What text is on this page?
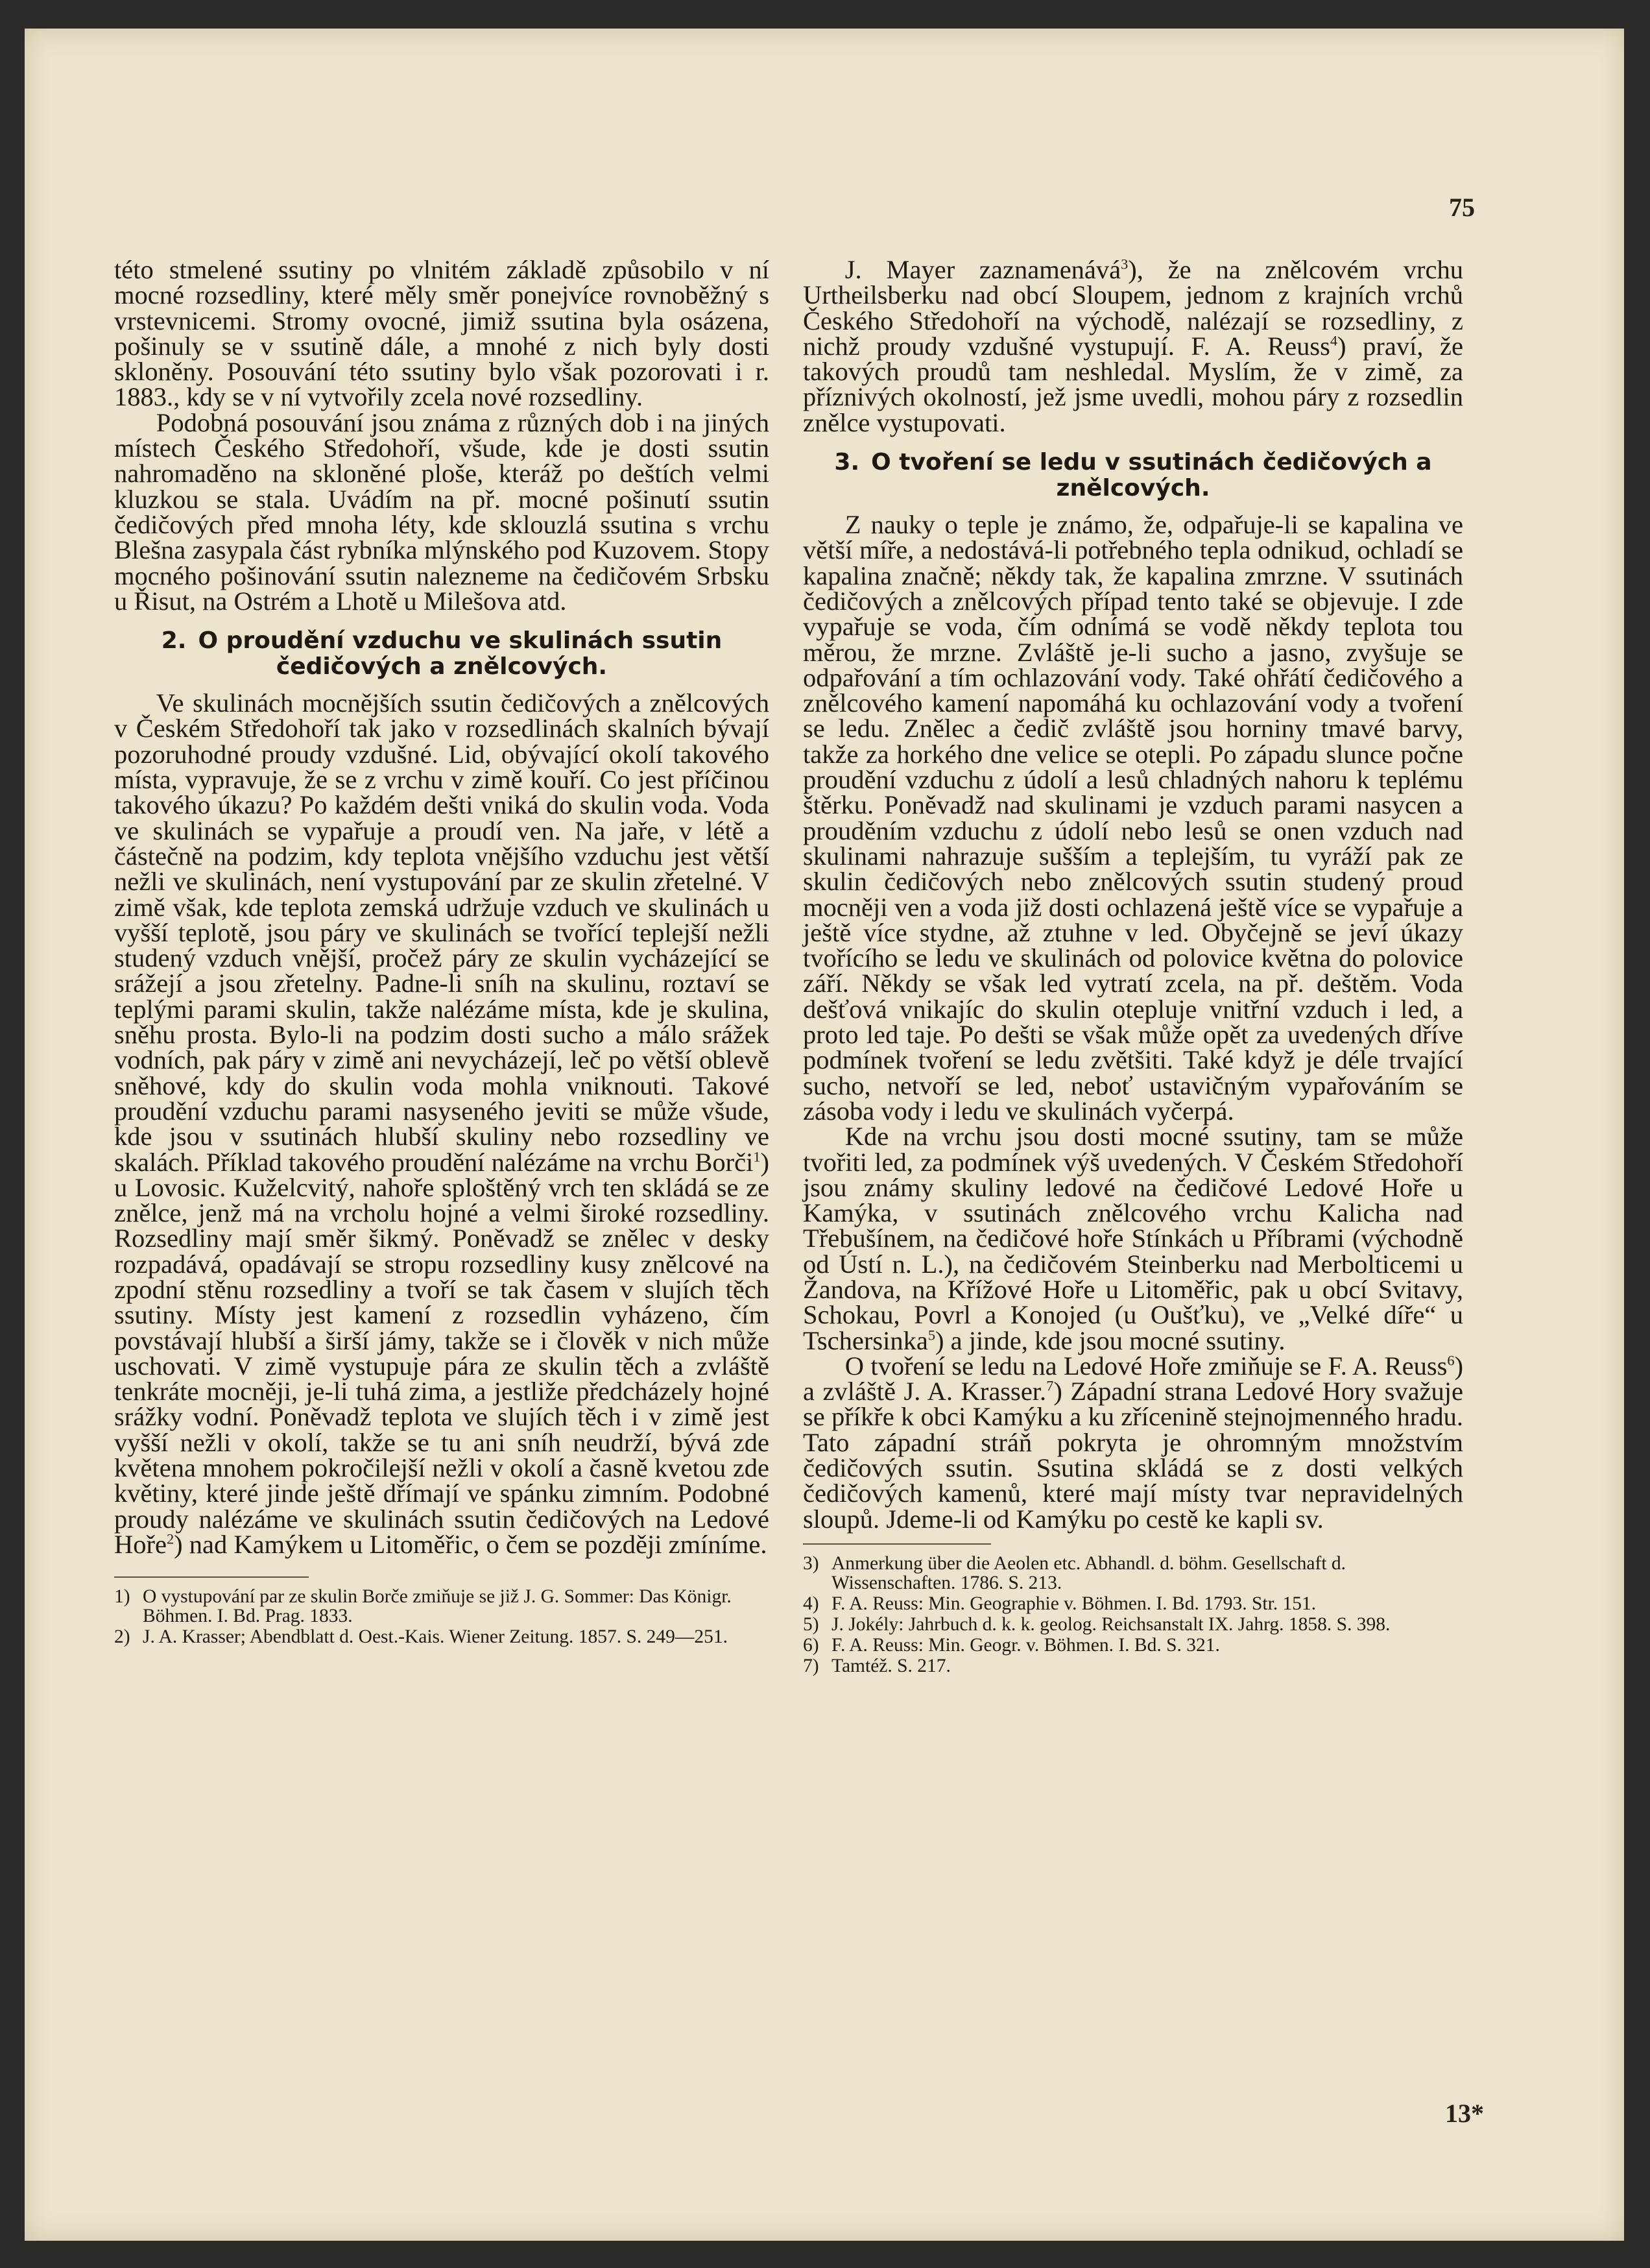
75

této stmelené ssutiny po vlnitém základě způsobilo v ní mocné rozsedliny, které měly směr ponejvíce rovnoběžný s vrstevnicemi. Stromy ovocné, jimiž ssutina byla osázena, pošinuly se v ssutině dále, a mnohé z nich byly dosti skloněny. Posouvání této ssutiny bylo však pozorovati i r. 1883., kdy se v ní vytvořily zcela nové rozsedliny.

Podobná posouvání jsou známa z různých dob i na jiných místech Českého Středohoří, všude, kde je dosti ssutin nahromaděno na skloněné ploše, kteráž po deštích velmi kluzkou se stala. Uvádím na př. mocné pošinutí ssutin čedičových před mnoha léty, kde sklouzlá ssutina s vrchu Blešna zasypala část rybníka mlýnského pod Kuzovem. Stopy mocného pošinování ssutin nalezneme na čedičovém Srbsku u Řisut, na Ostrém a Lhotě u Milešova atd.

2. O proudění vzduchu ve skulinách ssutin čedičových a znělcových.

Ve skulinách mocnějších ssutin čedičových a znělcových v Českém Středohoří tak jako v rozsedlinách skalních bývají pozoruhodné proudy vzdušné. Lid, obývající okolí takového místa, vypravuje, že se z vrchu v zimě kouří. Co jest příčinou takového úkazu? Po každém dešti vniká do skulin voda. Voda ve skulinách se vypařuje a proudí ven. Na jaře, v létě a částečně na podzim, kdy teplota vnějšího vzduchu jest větší nežli ve skulinách, není vystupování par ze skulin zřetelné. V zimě však, kde teplota zemská udržuje vzduch ve skulinách u vyšší teplotě, jsou páry ve skulinách se tvořící teplejší nežli studený vzduch vnější, pročež páry ze skulin vycházející se srážejí a jsou zřetelny. Padne-li sníh na skulinu, roztaví se teplými parami skulin, takže nalézáme místa, kde je skulina, sněhu prosta. Bylo-li na podzim dosti sucho a málo srážek vodních, pak páry v zimě ani nevycházejí, leč po větší oblevě sněhové, kdy do skulin voda mohla vniknouti. Takové proudění vzduchu parami nasyseného jeviti se může všude, kde jsou v ssutinách hlubší skuliny nebo rozsedliny ve skalách. Příklad takového proudění nalézáme na vrchu Borči$^1$) u Lovosic. Kuželcvitý, nahoře sploštěný vrch ten skládá se ze znělce, jenž má na vrcholu hojné a velmi široké rozsedliny. Rozsedliny mají směr šikmý. Poněvadž se znělec v desky rozpadává, opadávají se stropu rozsedliny kusy znělcové na zpodní stěnu rozsedliny a tvoří se tak časem v slujích těch ssutiny. Místy jest kamení z rozsedlin vyházeno, čím povstávají hlubší a širší jámy, takže se i člověk v nich může uschovati. V zimě vystupuje pára ze skulin těch a zvláště tenkráte mocněji, je-li tuhá zima, a jestliže předcházely hojné srážky vodní. Poněvadž teplota ve slujích těch i v zimě jest vyšší nežli v okolí, takže se tu ani sníh neudrží, bývá zde květena mnohem pokročilejší nežli v okolí a časně kvetou zde květiny, které jinde ještě dřímají ve spánku zimním. Podobné proudy nalézáme ve skulinách ssutin čedičových na Ledové Hoře$^2$) nad Kamýkem u Litoměřic, o čem se později zmíníme.

1) O vystupování par ze skulin Borče zmiňuje se již J. G. Sommer: Das Königr. Böhmen. I. Bd. Prag. 1833.

2) J. A. Krasser; Abendblatt d. Oest.-Kais. Wiener Zeitung. 1857. S. 249—251.

J. Mayer zaznamenává$^3$), že na znělcovém vrchu Urtheilsberku nad obcí Sloupem, jednom z krajních vrchů Českého Středohoří na východě, nalézají se rozsedliny, z nichž proudy vzdušné vystupují. F. A. Reuss$^4$) praví, že takových proudů tam neshledal. Myslím, že v zimě, za příznivých okolností, jež jsme uvedli, mohou páry z rozsedlin znělce vystupovati.

3. O tvoření se ledu v ssutinách čedičových a znělcových.

Z nauky o teple je známo, že, odpařuje-li se kapalina ve větší míře, a nedostává-li potřebného tepla odnikud, ochladí se kapalina značně; někdy tak, že kapalina zmrzne. V ssutinách čedičových a znělcových případ tento také se objevuje. I zde vypařuje se voda, čím odnímá se vodě někdy teplota tou měrou, že mrzne. Zvláště je-li sucho a jasno, zvyšuje se odpařování a tím ochlazování vody. Také ohřátí čedičového a znělcového kamení napomáhá ku ochlazování vody a tvoření se ledu. Znělec a čedič zvláště jsou horniny tmavé barvy, takže za horkého dne velice se otepli. Po západu slunce počne proudění vzduchu z údolí a lesů chladných nahoru k teplému štěrku. Poněvadž nad skulinami je vzduch parami nasycen a prouděním vzduchu z údolí nebo lesů se onen vzduch nad skulinami nahrazuje sušším a teplejším, tu vyráží pak ze skulin čedičových nebo znělcových ssutin studený proud mocněji ven a voda již dosti ochlazená ještě více se vypařuje a ještě více stydne, až ztuhne v led. Obyčejně se jeví úkazy tvořícího se ledu ve skulinách od polovice května do polovice září. Někdy se však led vytratí zcela, na př. deštěm. Voda dešťová vnikajíc do skulin otepluje vnitřní vzduch i led, a proto led taje. Po dešti se však může opět za uvedených dříve podmínek tvoření se ledu zvětšiti. Také když je déle trvající sucho, netvoří se led, neboť ustavičným vypařováním se zásoba vody i ledu ve skulinách vyčerpá.

Kde na vrchu jsou dosti mocné ssutiny, tam se může tvořiti led, za podmínek výš uvedených. V Českém Středohoří jsou známy skuliny ledové na čedičové Ledové Hoře u Kamýka, v ssutinách znělcového vrchu Kalicha nad Třebušínem, na čedičové hoře Stínkách u Příbrami (východně od Ústí n. L.), na čedičovém Steinberku nad Merbolticemi u Žandova, na Křížové Hoře u Litoměřic, pak u obcí Svitavy, Schokau, Povrl a Konojed (u Oušťku), ve „Velké díře“ u Tschersinka$^5$) a jinde, kde jsou mocné ssutiny.

O tvoření se ledu na Ledové Hoře zmiňuje se F. A. Reuss$^6$) a zvláště J. A. Krasser.$^7$) Západní strana Ledové Hory svažuje se příkře k obci Kamýku a ku zřícenině stejnojmenného hradu. Tato západní stráň pokryta je ohromným množstvím čedičových ssutin. Ssutina skládá se z dosti velkých čedičových kamenů, které mají místy tvar nepravidelných sloupů. Jdeme-li od Kamýku po cestě ke kapli sv.

3) Anmerkung über die Aeolen etc. Abhandl. d. böhm. Gesellschaft d. Wissenschaften. 1786. S. 213.

4) F. A. Reuss: Min. Geographie v. Böhmen. I. Bd. 1793. Str. 151.

5) J. Jokély: Jahrbuch d. k. k. geolog. Reichsanstalt IX. Jahrg. 1858. S. 398.

6) F. A. Reuss: Min. Geogr. v. Böhmen. I. Bd. S. 321.

7) Tamtéž. S. 217.

13*
